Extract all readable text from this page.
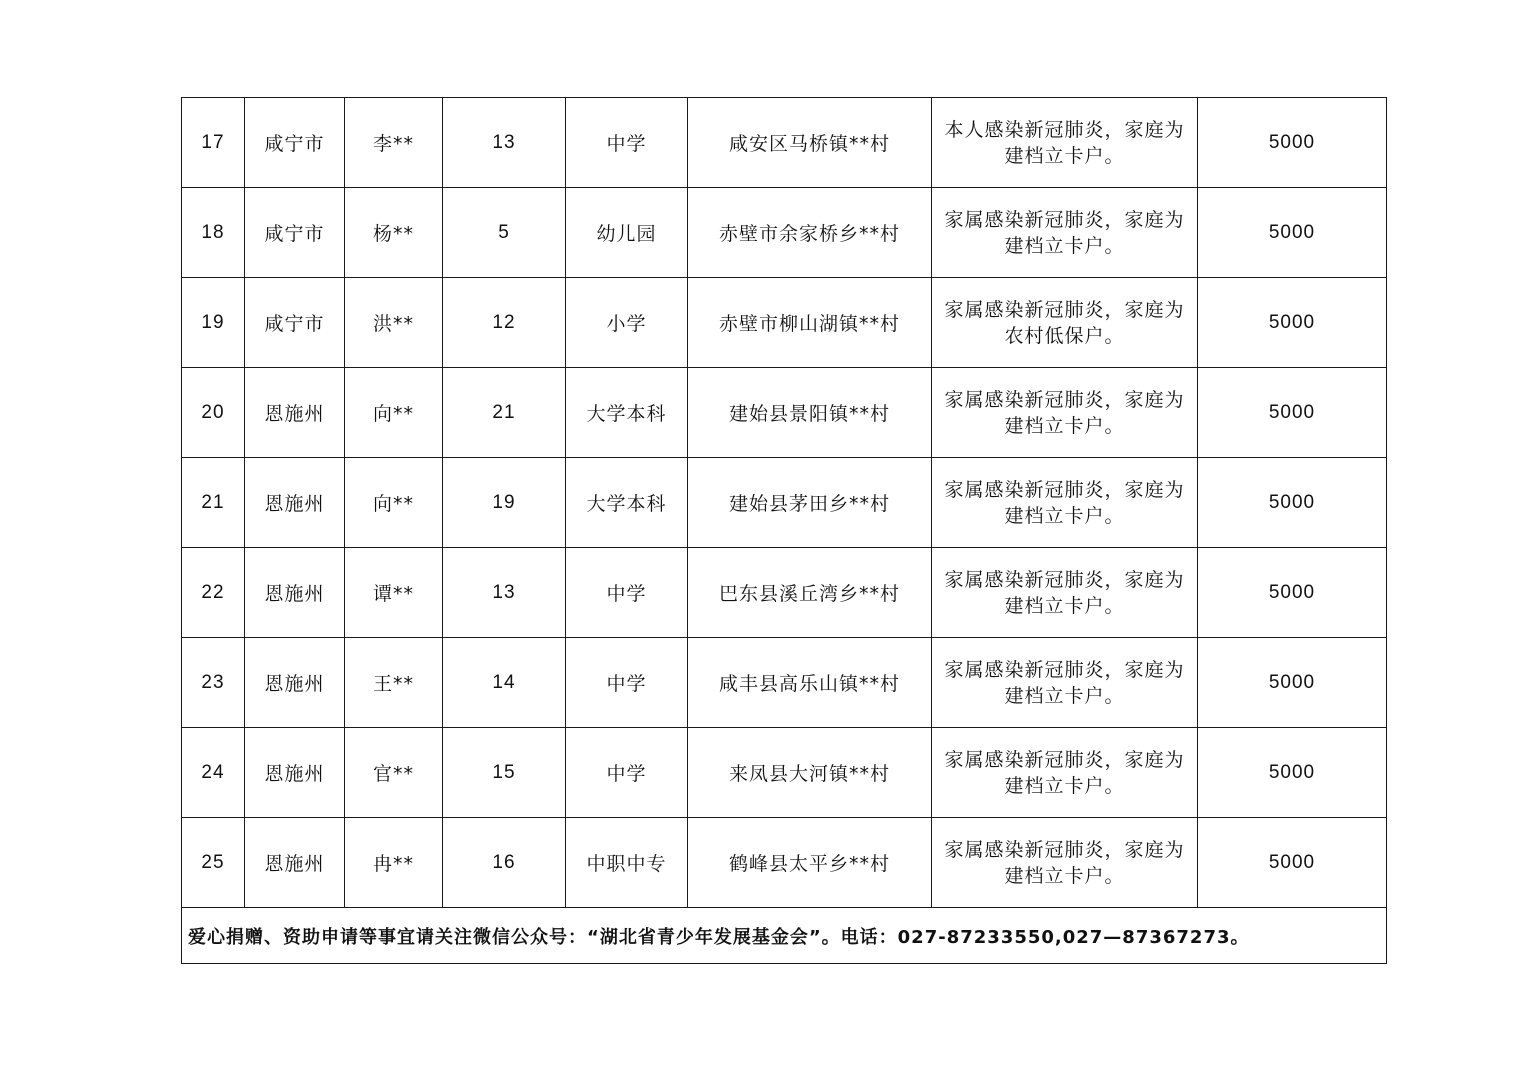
17	咸宁市	李**	13	中学	咸安区马桥镇**村	本人感染新冠肺炎，家庭为建档立卡户。	5000
18	咸宁市	杨**	5	幼儿园	赤壁市余家桥乡**村	家属感染新冠肺炎，家庭为建档立卡户。	5000
19	咸宁市	洪**	12	小学	赤壁市柳山湖镇**村	家属感染新冠肺炎，家庭为农村低保户。	5000
20	恩施州	向**	21	大学本科	建始县景阳镇**村	家属感染新冠肺炎，家庭为建档立卡户。	5000
21	恩施州	向**	19	大学本科	建始县茅田乡**村	家属感染新冠肺炎，家庭为建档立卡户。	5000
22	恩施州	谭**	13	中学	巴东县溪丘湾乡**村	家属感染新冠肺炎，家庭为建档立卡户。	5000
23	恩施州	王**	14	中学	咸丰县高乐山镇**村	家属感染新冠肺炎，家庭为建档立卡户。	5000
24	恩施州	官**	15	中学	来凤县大河镇**村	家属感染新冠肺炎，家庭为建档立卡户。	5000
25	恩施州	冉**	16	中职中专	鹤峰县太平乡**村	家属感染新冠肺炎，家庭为建档立卡户。	5000
爱心捐赠、资助申请等事宜请关注微信公众号：“湖北省青少年发展基金会”。电话：027-87233550,027—87367273。							
